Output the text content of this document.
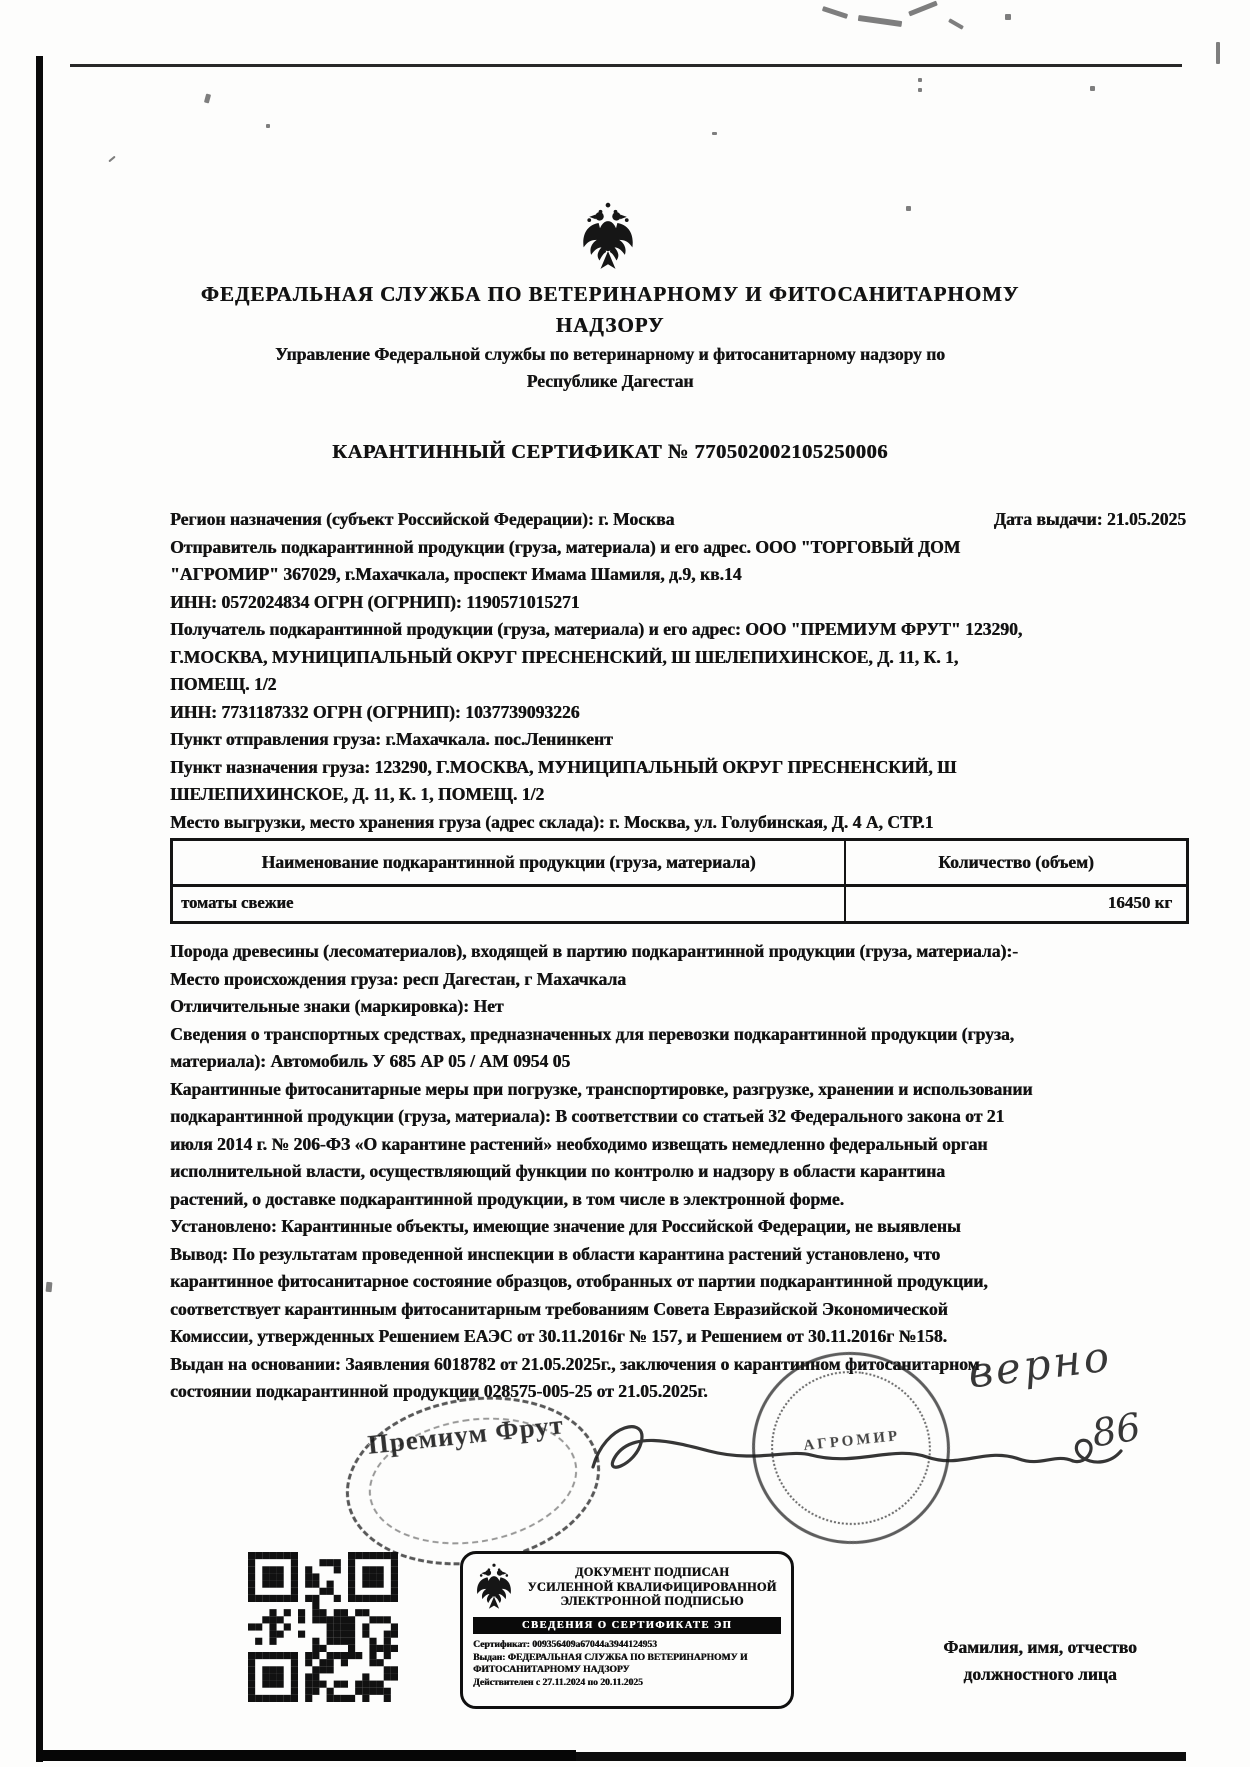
ФЕДЕРАЛЬНАЯ СЛУЖБА ПО ВЕТЕРИНАРНОМУ И ФИТОСАНИТАРНОМУ
НАДЗОРУ
Управление Федеральной службы по ветеринарному и фитосанитарному надзору по
Республике Дагестан
КАРАНТИННЫЙ СЕРТИФИКАТ № 770502002105250006
Регион назначения (субъект Российской Федерации): г. Москва	Дата выдачи: 21.05.2025
Отправитель подкарантинной продукции (груза, материала) и его адрес. ООО "ТОРГОВЫЙ ДОМ
"АГРОМИР" 367029, г.Махачкала, проспект Имама Шамиля, д.9, кв.14
ИНН: 0572024834 ОГРН (ОГРНИП): 1190571015271
Получатель подкарантинной продукции (груза, материала) и его адрес: ООО "ПРЕМИУМ ФРУТ" 123290,
Г.МОСКВА, МУНИЦИПАЛЬНЫЙ ОКРУГ ПРЕСНЕНСКИЙ, Ш ШЕЛЕПИХИНСКОЕ, Д. 11, К. 1,
ПОМЕЩ. 1/2
ИНН: 7731187332 ОГРН (ОГРНИП): 1037739093226
Пункт отправления груза: г.Махачкала. пос.Ленинкент
Пункт назначения груза: 123290, Г.МОСКВА, МУНИЦИПАЛЬНЫЙ ОКРУГ ПРЕСНЕНСКИЙ, Ш
ШЕЛЕПИХИНСКОЕ, Д. 11, К. 1, ПОМЕЩ. 1/2
Место выгрузки, место хранения груза (адрес склада): г. Москва, ул. Голубинская, Д. 4 А, СТР.1
Наименование подкарантинной продукции (груза, материала)	Количество (объем)
томаты свежие	16450 кг
Порода древесины (лесоматериалов), входящей в партию подкарантинной продукции (груза, материала):-
Место происхождения груза: респ Дагестан, г Махачкала
Отличительные знаки (маркировка): Нет
Сведения о транспортных средствах, предназначенных для перевозки подкарантинной продукции (груза,
материала): Автомобиль У 685 АР 05 / АМ 0954 05
Карантинные фитосанитарные меры при погрузке, транспортировке, разгрузке, хранении и использовании
подкарантинной продукции (груза, материала): В соответствии со статьей 32 Федерального закона от 21
июля 2014 г. № 206-ФЗ «О карантине растений» необходимо извещать немедленно федеральный орган
исполнительной власти, осуществляющий функции по контролю и надзору в области карантина
растений, о доставке подкарантинной продукции, в том числе в электронной форме.
Установлено: Карантинные объекты, имеющие значение для Российской Федерации, не выявлены
Вывод: По результатам проведенной инспекции в области карантина растений установлено, что
карантинное фитосанитарное состояние образцов, отобранных от партии подкарантинной продукции,
соответствует карантинным фитосанитарным требованиям Совета Евразийской Экономической
Комиссии, утвержденных Решением ЕАЭС от 30.11.2016г № 157, и Решением от 30.11.2016г №158.
Выдан на основании: Заявления 6018782 от 21.05.2025г., заключения о карантинном фитосанитарном
состоянии подкарантинной продукции 028575-005-25 от 21.05.2025г.
Премиум Фрут	АГРОМИР
верно
86
ДОКУМЕНТ ПОДПИСАН
УСИЛЕННОЙ КВАЛИФИЦИРОВАННОЙ
ЭЛЕКТРОННОЙ ПОДПИСЬЮ
СВЕДЕНИЯ О СЕРТИФИКАТЕ ЭП
Сертификат: 009356409а67044а3944124953
Выдан: ФЕДЕРАЛЬНАЯ СЛУЖБА ПО ВЕТЕРИНАРНОМУ И
ФИТОСАНИТАРНОМУ НАДЗОРУ
Действителен с 27.11.2024 по 20.11.2025
Фамилия, имя, отчество
должностного лица
